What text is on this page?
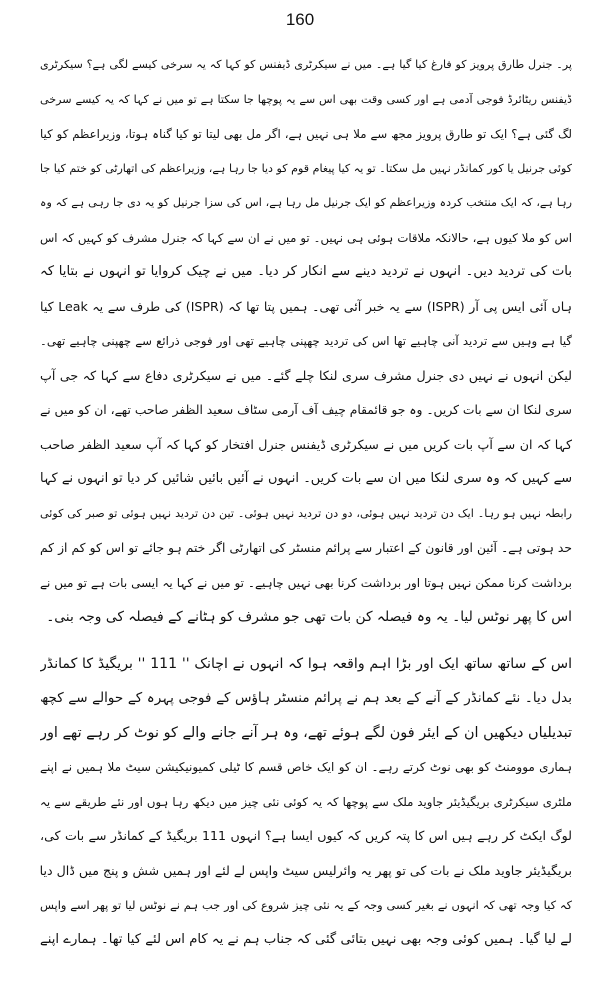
160
پر۔ جنرل طارق پرویز کو فارغ کیا گیا ہے۔ میں نے سیکرٹری ڈیفنس کو کہا کہ یہ سرخی کیسے لگی ہے؟ سیکرٹری
ڈیفنس ریٹائرڈ فوجی آدمی ہے اور کسی وقت بھی اس سے یہ پوچھا جا سکتا ہے تو میں نے کہا کہ یہ کیسے سرخی
لگ گئی ہے؟ ایک تو طارق پرویز مجھ سے ملا ہی نہیں ہے، اگر مل بھی لیتا تو کیا گناہ ہوتا، وزیراعظم کو کیا
کوئی جرنیل یا کور کمانڈر نہیں مل سکتا۔ تو یہ کیا پیغام قوم کو دیا جا رہا ہے، وزیراعظم کی اتھارٹی کو ختم کیا جا
رہا ہے، کہ ایک منتخب کردہ وزیراعظم کو ایک جرنیل مل رہا ہے، اس کی سزا جرنیل کو یہ دی جا رہی ہے کہ وہ
اس کو ملا کیوں ہے، حالانکہ ملاقات ہوئی ہی نہیں۔ تو میں نے ان سے کہا کہ جنرل مشرف کو کہیں کہ اس
بات کی تردید دیں۔ انہوں نے تردید دینے سے انکار کر دیا۔ میں نے چیک کروایا تو انہوں نے بتایا کہ
ہاں آئی ایس پی آر (ISPR) سے یہ خبر آئی تھی۔ ہمیں پتا تھا کہ (ISPR) کی طرف سے یہ Leak کیا
گیا ہے وہیں سے تردید آنی چاہیے تھا اس کی تردید چھپنی چاہیے تھی اور فوجی ذرائع سے چھپنی چاہیے تھی۔
لیکن انہوں نے نہیں دی جنرل مشرف سری لنکا چلے گئے۔ میں نے سیکرٹری دفاع سے کہا کہ جی آپ
سری لنکا ان سے بات کریں۔ وہ جو قائمقام چیف آف آرمی سٹاف سعید الظفر صاحب تھے، ان کو میں نے
کہا کہ ان سے آپ بات کریں میں نے سیکرٹری ڈیفنس جنرل افتخار کو کہا کہ آپ سعید الظفر صاحب
سے کہیں کہ وہ سری لنکا میں ان سے بات کریں۔ انہوں نے آئیں بائیں شائیں کر دیا تو انہوں نے کہا
رابطہ نہیں ہو رہا۔ ایک دن تردید نہیں ہوئی، دو دن تردید نہیں ہوئی۔ تین دن تردید نہیں ہوئی تو صبر کی کوئی
حد ہوتی ہے۔ آئین اور قانون کے اعتبار سے پرائم منسٹر کی اتھارٹی اگر ختم ہو جائے تو اس کو کم از کم
برداشت کرنا ممکن نہیں ہوتا اور برداشت کرنا بھی نہیں چاہیے۔ تو میں نے کہا یہ ایسی بات ہے تو میں نے
اس کا پھر نوٹس لیا۔ یہ وہ فیصلہ کن بات تھی جو مشرف کو ہٹانے کے فیصلہ کی وجہ بنی۔
اس کے ساتھ ساتھ ایک اور بڑا اہم واقعہ ہوا کہ انہوں نے اچانک '' 111 '' بریگیڈ کا کمانڈر
بدل دیا۔ نئے کمانڈر کے آنے کے بعد ہم نے پرائم منسٹر ہاؤس کے فوجی پہرہ کے حوالے سے کچھ
تبدیلیاں دیکھیں ان کے ایئر فون لگے ہوئے تھے، وہ ہر آنے جانے والے کو نوٹ کر رہے تھے اور
ہماری موومنٹ کو بھی نوٹ کرتے رہے۔ ان کو ایک خاص قسم کا ٹیلی کمیونیکیشن سیٹ ملا ہمیں نے اپنے
ملٹری سیکرٹری بریگیڈیئر جاوید ملک سے پوچھا کہ یہ کوئی نئی چیز میں دیکھ رہا ہوں اور نئے طریقے سے یہ
لوگ ایکٹ کر رہے ہیں اس کا پتہ کریں کہ کیوں ایسا ہے؟ انہوں 111 بریگیڈ کے کمانڈر سے بات کی،
بریگیڈیئر جاوید ملک نے بات کی تو پھر یہ وائرلیس سیٹ واپس لے لئے اور ہمیں شش و پنج میں ڈال دیا
کہ کیا وجہ تھی کہ انہوں نے بغیر کسی وجہ کے یہ نئی چیز شروع کی اور جب ہم نے نوٹس لیا تو پھر اسے واپس
لے لیا گیا۔ ہمیں کوئی وجہ بھی نہیں بتائی گئی کہ جناب ہم نے یہ کام اس لئے کیا تھا۔ ہمارے اپنے
